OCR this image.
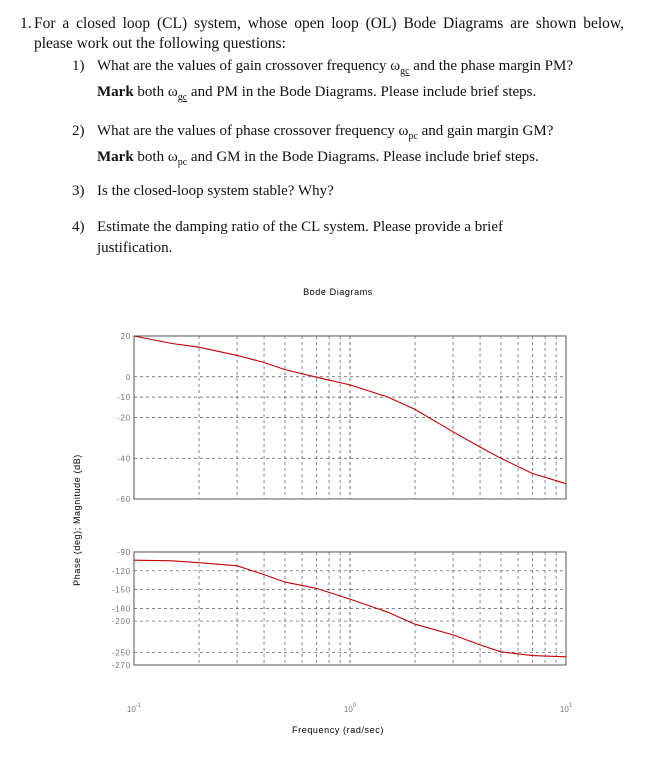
1. For a closed loop (CL) system, whose open loop (OL) Bode Diagrams are shown below, please work out the following questions:
1) What are the values of gain crossover frequency $\omega_{gc}$ and the phase margin PM?
Mark both $\omega_{gc}$ and PM in the Bode Diagrams. Please include brief steps.
2) What are the values of phase crossover frequency $\omega_{pc}$ and gain margin GM?
Mark both $\omega_{pc}$ and GM in the Bode Diagrams. Please include brief steps.
3) Is the closed-loop system stable? Why?
4) Estimate the damping ratio of the CL system. Please provide a brief justification.
Bode Diagrams
Phase (deg); Magnitude (dB)
Frequency (rad/sec)
20
0
-10
-20
-40
-60
-90
-120
-150
-180
-200
-250
-270
$10^{-1}$	$10^0$	$10^1$
